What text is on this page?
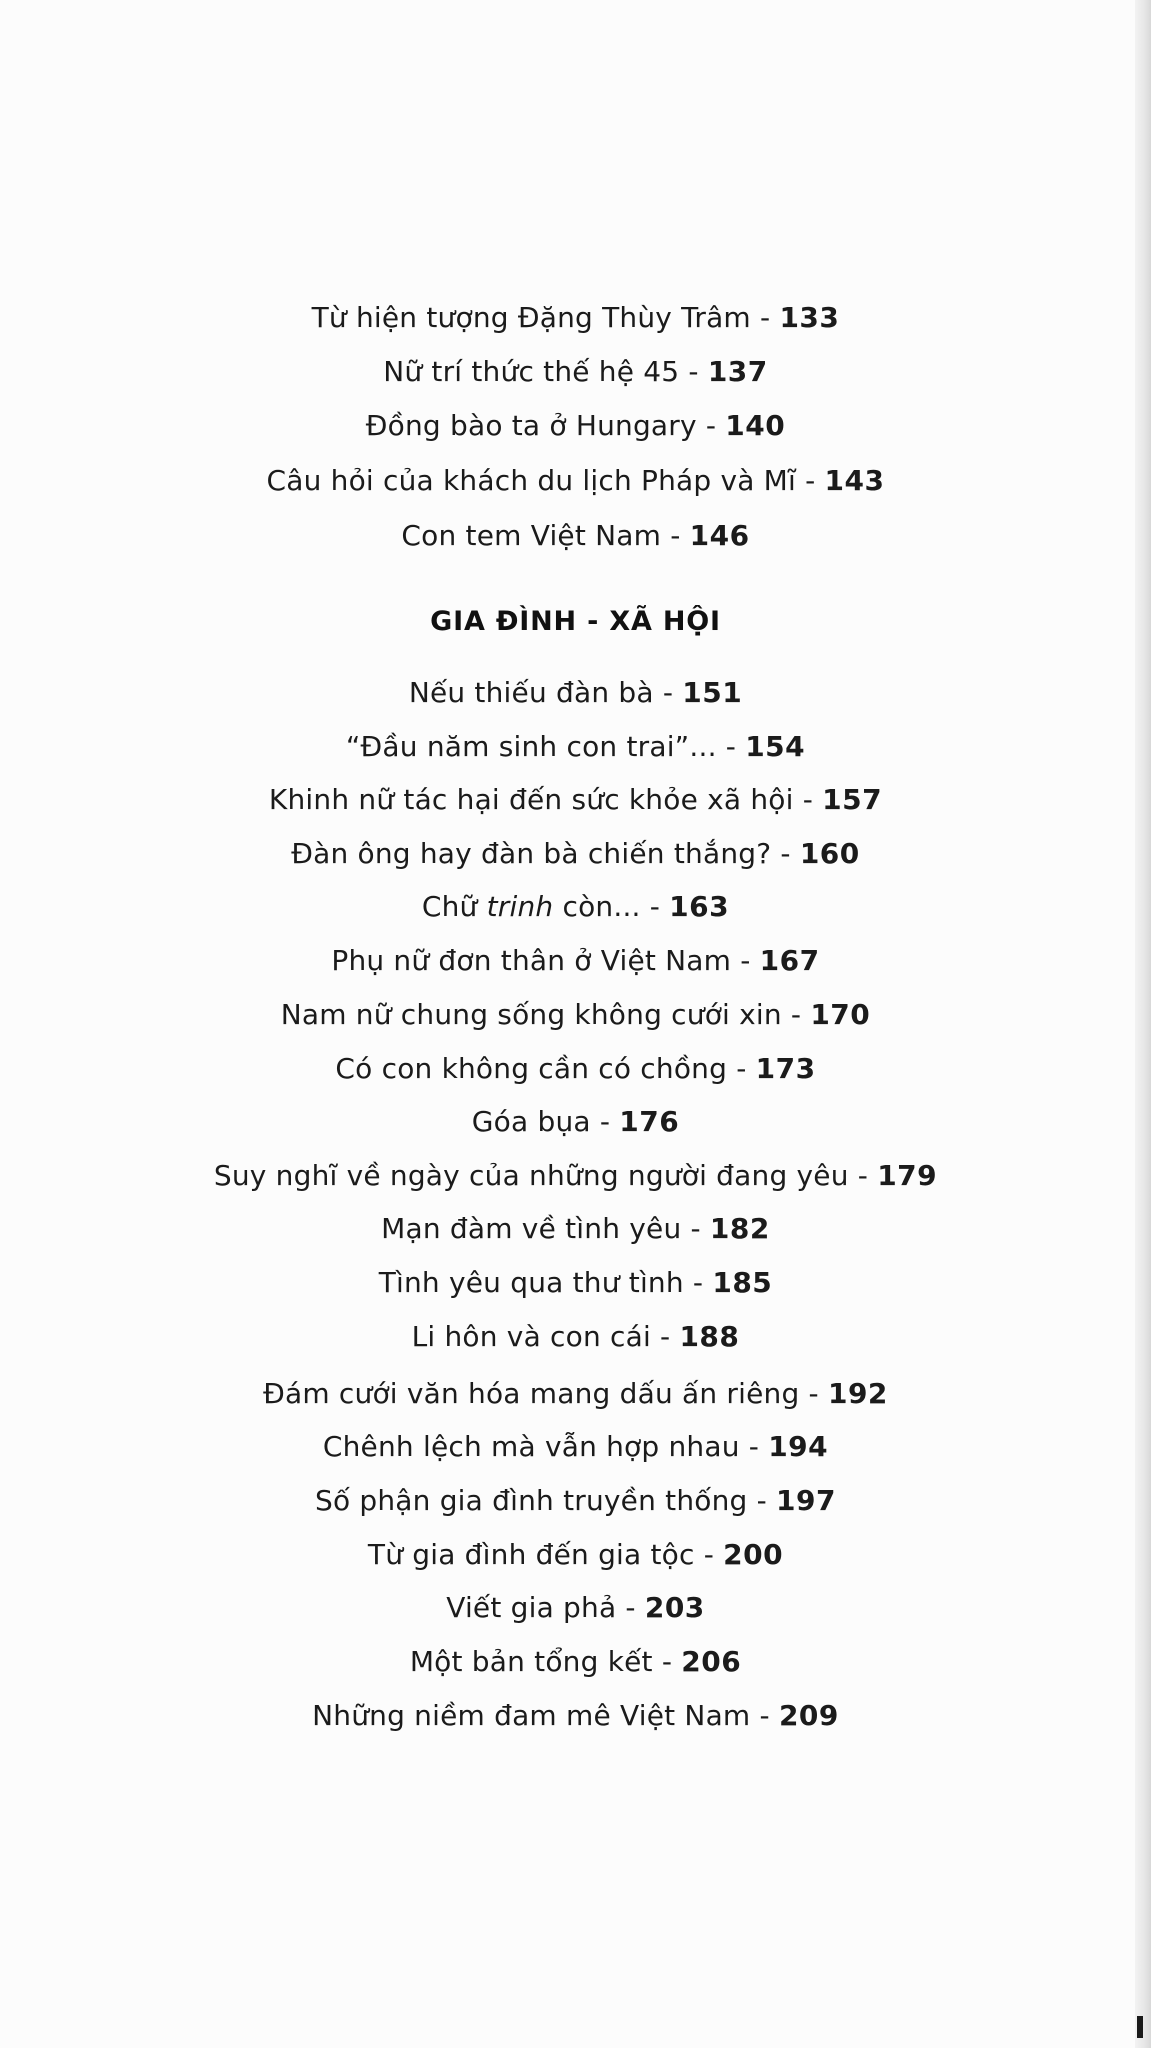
Từ hiện tượng Đặng Thùy Trâm - 133
Nữ trí thức thế hệ 45 - 137
Đồng bào ta ở Hungary - 140
Câu hỏi của khách du lịch Pháp và Mĩ - 143
Con tem Việt Nam - 146
GIA ĐÌNH - XÃ HỘI
Nếu thiếu đàn bà - 151
“Đầu năm sinh con trai”... - 154
Khinh nữ tác hại đến sức khỏe xã hội - 157
Đàn ông hay đàn bà chiến thắng? - 160
Chữ trinh còn... - 163
Phụ nữ đơn thân ở Việt Nam - 167
Nam nữ chung sống không cưới xin - 170
Có con không cần có chồng - 173
Góa bụa - 176
Suy nghĩ về ngày của những người đang yêu - 179
Mạn đàm về tình yêu - 182
Tình yêu qua thư tình - 185
Li hôn và con cái - 188
Đám cưới văn hóa mang dấu ấn riêng - 192
Chênh lệch mà vẫn hợp nhau - 194
Số phận gia đình truyền thống - 197
Từ gia đình đến gia tộc - 200
Viết gia phả - 203
Một bản tổng kết - 206
Những niềm đam mê Việt Nam - 209
